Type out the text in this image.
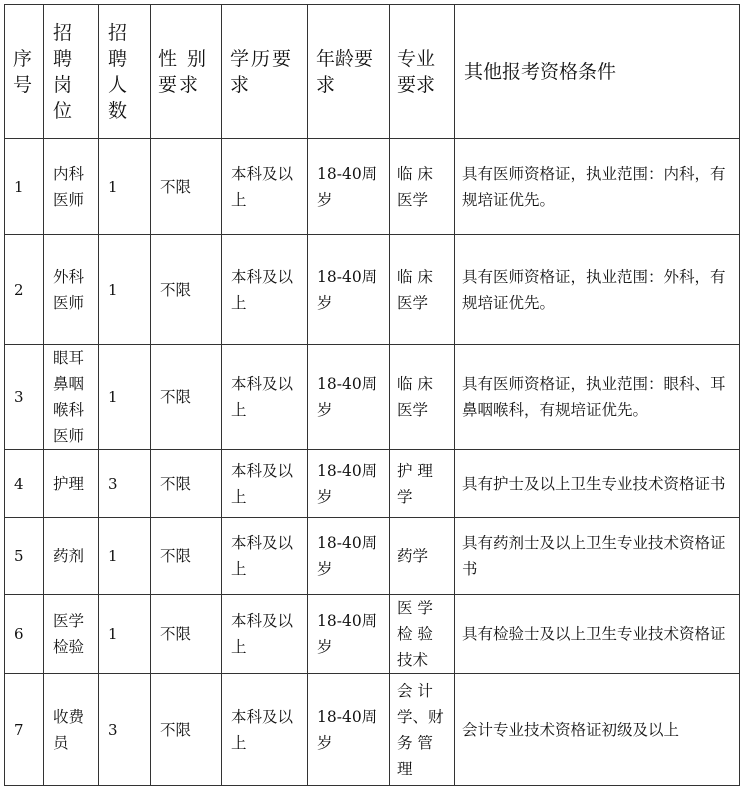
序号	招聘岗位	招聘人数	性 别要求	学历要求	年龄要求	专业要求	其他报考资格条件
1	内科医师	1	不限	本科及以上	18-40周岁	临 床医学	具有医师资格证，执业范围：内科，有规培证优先。
2	外科医师	1	不限	本科及以上	18-40周岁	临 床医学	具有医师资格证，执业范围：外科，有规培证优先。
3	眼耳鼻咽喉科医师	1	不限	本科及以上	18-40周岁	临 床医学	具有医师资格证，执业范围：眼科、耳鼻咽喉科，有规培证优先。
4	护理	3	不限	本科及以上	18-40周岁	护 理学	具有护士及以上卫生专业技术资格证书
5	药剂	1	不限	本科及以上	18-40周岁	药学	具有药剂士及以上卫生专业技术资格证书
6	医学检验	1	不限	本科及以上	18-40周岁	医 学检 验技术	具有检验士及以上卫生专业技术资格证
7	收费员	3	不限	本科及以上	18-40周岁	会 计学、财务 管理	会计专业技术资格证初级及以上
